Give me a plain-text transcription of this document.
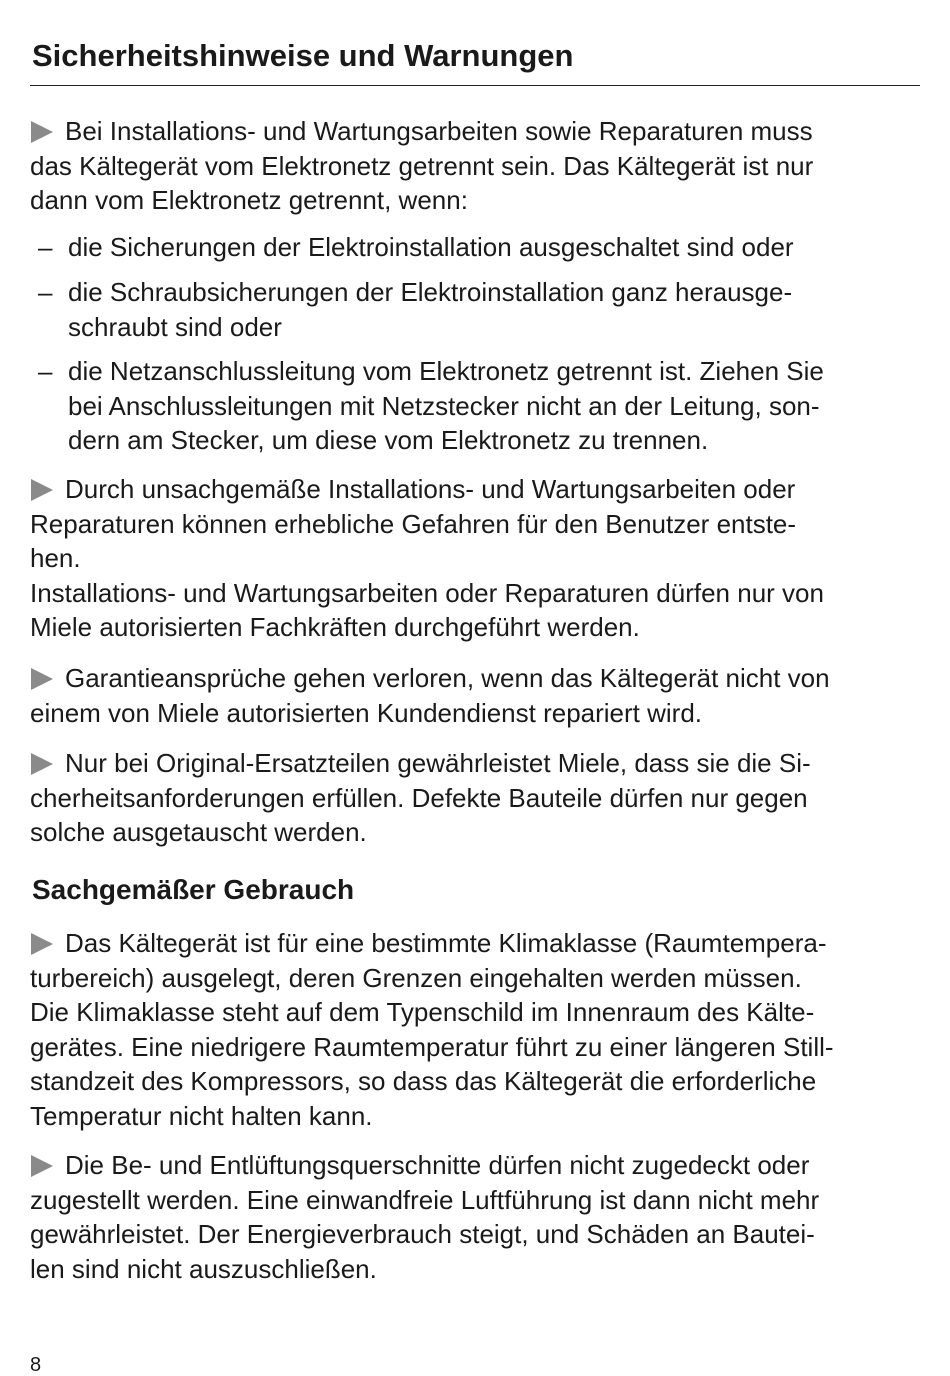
Sicherheitshinweise und Warnungen
Bei Installations- und Wartungsarbeiten sowie Reparaturen muss
das Kältegerät vom Elektronetz getrennt sein. Das Kältegerät ist nur
dann vom Elektronetz getrennt, wenn:
– die Sicherungen der Elektroinstallation ausgeschaltet sind oder
– die Schraubsicherungen der Elektroinstallation ganz herausge-
schraubt sind oder
– die Netzanschlussleitung vom Elektronetz getrennt ist. Ziehen Sie
bei Anschlussleitungen mit Netzstecker nicht an der Leitung, son-
dern am Stecker, um diese vom Elektronetz zu trennen.
Durch unsachgemäße Installations- und Wartungsarbeiten oder
Reparaturen können erhebliche Gefahren für den Benutzer entste-
hen.
Installations- und Wartungsarbeiten oder Reparaturen dürfen nur von
Miele autorisierten Fachkräften durchgeführt werden.
Garantieansprüche gehen verloren, wenn das Kältegerät nicht von
einem von Miele autorisierten Kundendienst repariert wird.
Nur bei Original-Ersatzteilen gewährleistet Miele, dass sie die Si-
cherheitsanforderungen erfüllen. Defekte Bauteile dürfen nur gegen
solche ausgetauscht werden.
Sachgemäßer Gebrauch
Das Kältegerät ist für eine bestimmte Klimaklasse (Raumtempera-
turbereich) ausgelegt, deren Grenzen eingehalten werden müssen.
Die Klimaklasse steht auf dem Typenschild im Innenraum des Kälte-
gerätes. Eine niedrigere Raumtemperatur führt zu einer längeren Still-
standzeit des Kompressors, so dass das Kältegerät die erforderliche
Temperatur nicht halten kann.
Die Be- und Entlüftungsquerschnitte dürfen nicht zugedeckt oder
zugestellt werden. Eine einwandfreie Luftführung ist dann nicht mehr
gewährleistet. Der Energieverbrauch steigt, und Schäden an Bautei-
len sind nicht auszuschließen.
8
